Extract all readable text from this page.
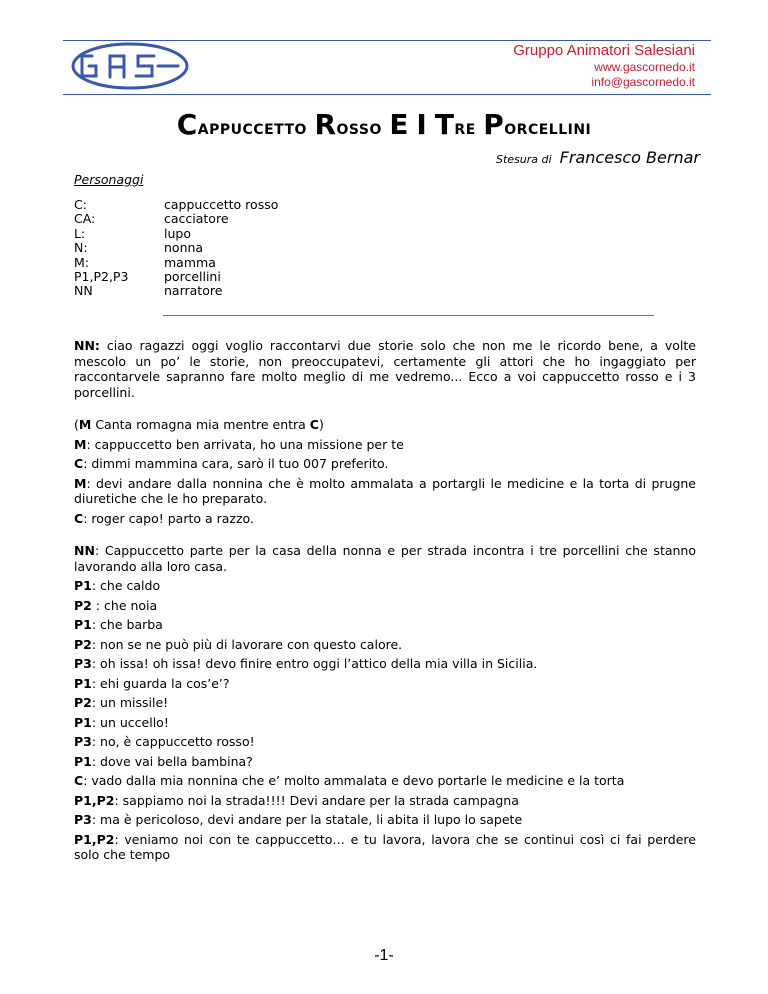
Gruppo Animatori Salesiani
www.gascornedo.it
info@gascornedo.it
Cappuccetto Rosso E I Tre Porcellini
Stesura di Francesco Bernar
Personaggi
C:	cappuccetto rosso
CA:	cacciatore
L:	lupo
N:	nonna
M:	mamma
P1,P2,P3	porcellini
NN	narratore

NN: ciao ragazzi oggi voglio raccontarvi due storie solo che non me le ricordo bene, a volte mescolo un po’ le storie, non preoccupatevi, certamente gli attori che ho ingaggiato per raccontarvele sapranno fare molto meglio di me vedremo... Ecco a voi cappuccetto rosso e i 3 porcellini.

(M Canta romagna mia mentre entra C)

M: cappuccetto ben arrivata, ho una missione per te

C: dimmi mammina cara, sarò il tuo 007 preferito.

M: devi andare dalla nonnina che è molto ammalata a portargli le medicine e la torta di prugne diuretiche che le ho preparato.

C: roger capo! parto a razzo.

NN: Cappuccetto parte per la casa della nonna e per strada incontra i tre porcellini che stanno lavorando alla loro casa.

P1: che caldo

P2 : che noia

P1: che barba

P2: non se ne può più di lavorare con questo calore.

P3: oh issa! oh issa! devo finire entro oggi l’attico della mia villa in Sicilia.

P1: ehi guarda la cos’e’?

P2: un missile!

P1: un uccello!

P3: no, è cappuccetto rosso!

P1: dove vai bella bambina?

C: vado dalla mia nonnina che e’ molto ammalata e devo portarle le medicine e la torta

P1,P2: sappiamo noi la strada!!!! Devi andare per la strada campagna

P3: ma è pericoloso, devi andare per la statale, li abita il lupo lo sapete

P1,P2: veniamo noi con te cappuccetto… e tu lavora, lavora che se continui così ci fai perdere solo che tempo

-1-
